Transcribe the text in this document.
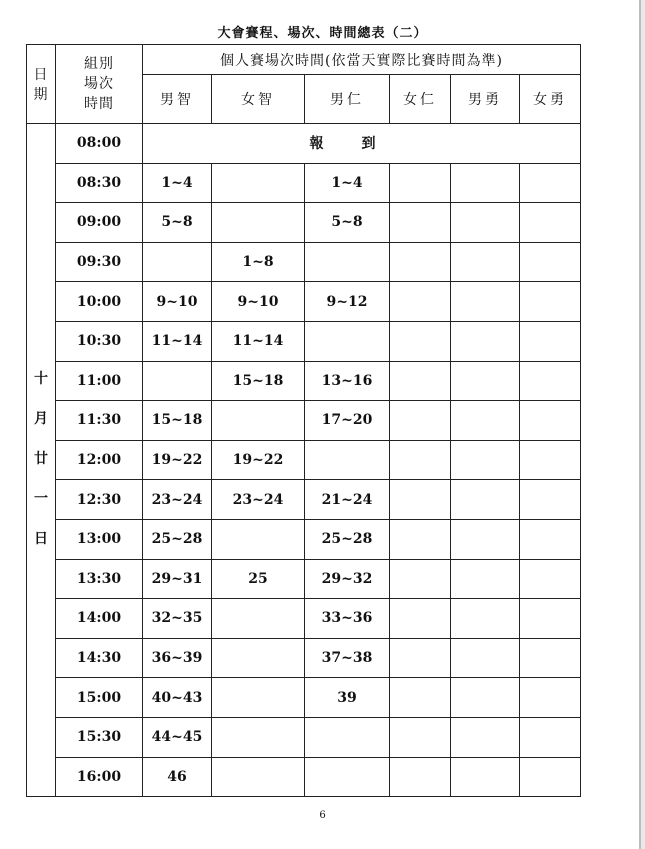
大會賽程、場次、時間總表（二）
日期	組別
場次
時間	個人賽場次時間(依當天實際比賽時間為準)					
		男智	女智	男仁	女仁	男勇	女勇

十
月
廿
一
日	08:00	報到					
	08:30	1~4		1~4			
	09:00	5~8		5~8			
	09:30		1~8				
	10:00	9~10	9~10	9~12			
	10:30	11~14	11~14				
	11:00		15~18	13~16			
	11:30	15~18		17~20			
	12:00	19~22	19~22				
	12:30	23~24	23~24	21~24			
	13:00	25~28		25~28			
	13:30	29~31	25	29~32			
	14:00	32~35		33~36			
	14:30	36~39		37~38			
	15:00	40~43		39			
	15:30	44~45					
	16:00	46					
6
